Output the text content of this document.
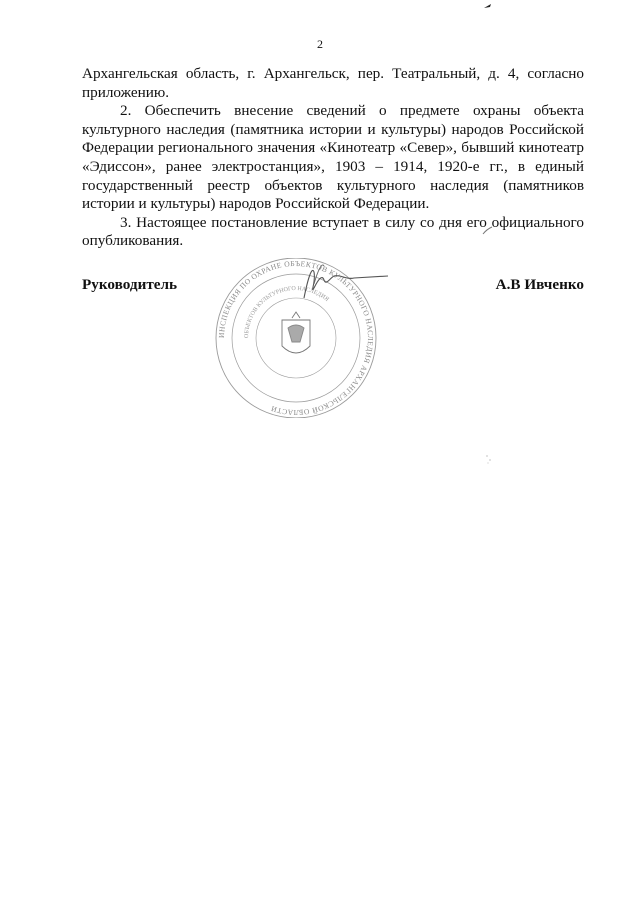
2

Архангельская область, г. Архангельск, пер. Театральный, д. 4, согласно приложению.

2. Обеспечить внесение сведений о предмете охраны объекта культурного наследия (памятника истории и культуры) народов Российской Федерации регионального значения «Кинотеатр «Север», бывший кинотеатр «Эдиссон», ранее электростанция», 1903 – 1914, 1920-е гг., в единый государственный реестр объектов культурного наследия (памятников истории и культуры) народов Российской Федерации.

3. Настоящее постановление вступает в силу со дня его официального опубликования.

ИНСПЕКЦИЯ ПО ОХРАНЕ ОБЪЕКТОВ КУЛЬТУРНОГО НАСЛЕДИЯ АРХАНГЕЛЬСКОЙ ОБЛАСТИ
ОБЪЕКТОВ КУЛЬТУРНОГО НАСЛЕДИЯ
Руководитель	А.В Ивченко
